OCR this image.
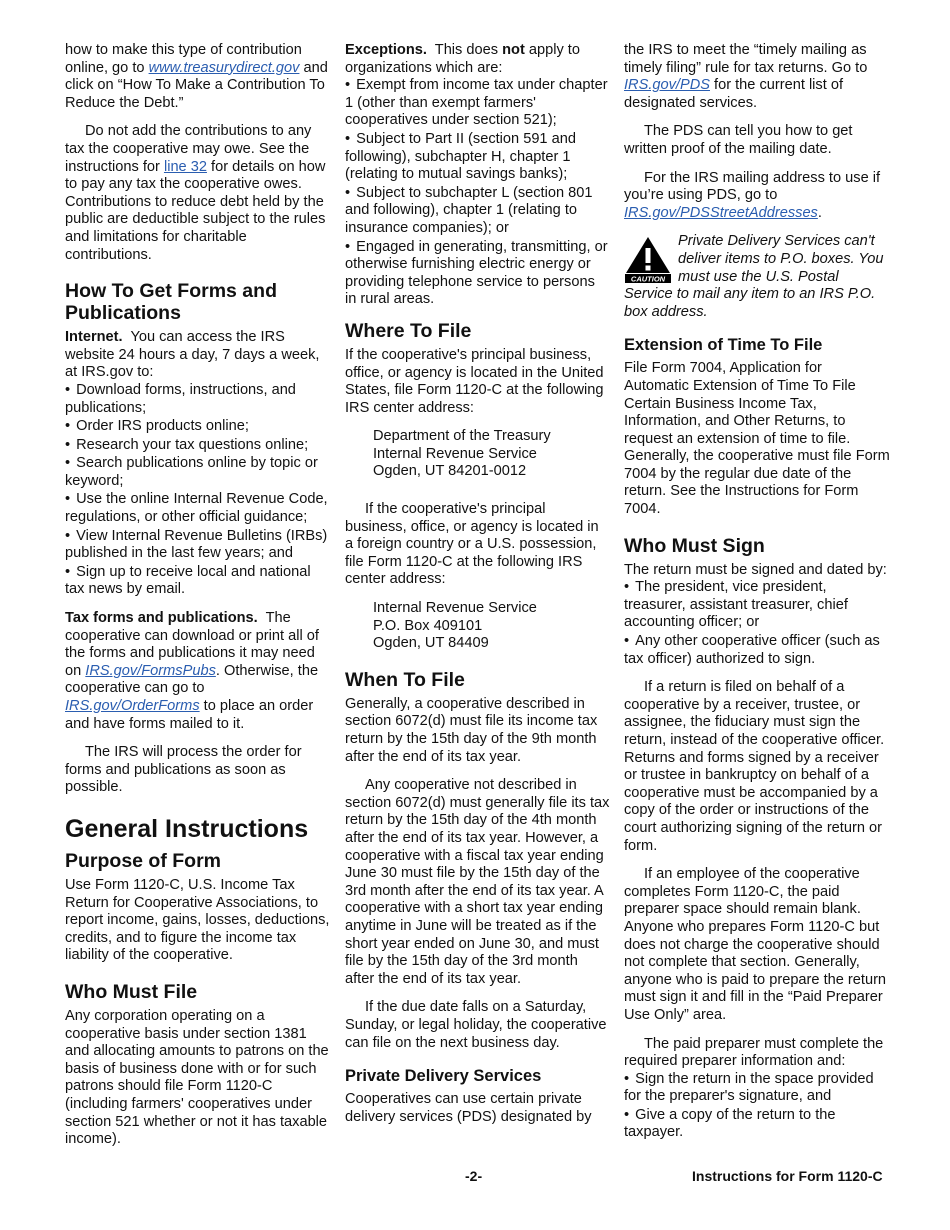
how to make this type of contribution online, go to www.treasurydirect.gov and click on “How To Make a Contribution To Reduce the Debt.”

Do not add the contributions to any tax the cooperative may owe. See the instructions for line 32 for details on how to pay any tax the cooperative owes. Contributions to reduce debt held by the public are deductible subject to the rules and limitations for charitable contributions.

How To Get Forms and Publications

Internet. You can access the IRS website 24 hours a day, 7 days a week, at IRS.gov to:

• Download forms, instructions, and publications;
• Order IRS products online;
• Research your tax questions online;
• Search publications online by topic or keyword;
• Use the online Internal Revenue Code, regulations, or other official guidance;
• View Internal Revenue Bulletins (IRBs) published in the last few years; and
• Sign up to receive local and national tax news by email.

Tax forms and publications. The cooperative can download or print all of the forms and publications it may need on IRS.gov/FormsPubs. Otherwise, the cooperative can go to IRS.gov/OrderForms to place an order and have forms mailed to it.

The IRS will process the order for forms and publications as soon as possible.

General Instructions
Purpose of Form

Use Form 1120-C, U.S. Income Tax Return for Cooperative Associations, to report income, gains, losses, deductions, credits, and to figure the income tax liability of the cooperative.

Who Must File

Any corporation operating on a cooperative basis under section 1381 and allocating amounts to patrons on the basis of business done with or for such patrons should file Form 1120-C (including farmers' cooperatives under section 521 whether or not it has taxable income).

Exceptions. This does not apply to organizations which are:

• Exempt from income tax under chapter 1 (other than exempt farmers' cooperatives under section 521);
• Subject to Part II (section 591 and following), subchapter H, chapter 1 (relating to mutual savings banks);
• Subject to subchapter L (section 801 and following), chapter 1 (relating to insurance companies); or
• Engaged in generating, transmitting, or otherwise furnishing electric energy or providing telephone service to persons in rural areas.
Where To File

If the cooperative's principal business, office, or agency is located in the United States, file Form 1120-C at the following IRS center address:

Department of the Treasury
Internal Revenue Service
Ogden, UT 84201-0012

If the cooperative's principal business, office, or agency is located in a foreign country or a U.S. possession, file Form 1120-C at the following IRS center address:

Internal Revenue Service
P.O. Box 409101
Ogden, UT 84409
When To File

Generally, a cooperative described in section 6072(d) must file its income tax return by the 15th day of the 9th month after the end of its tax year.

Any cooperative not described in section 6072(d) must generally file its tax return by the 15th day of the 4th month after the end of its tax year. However, a cooperative with a fiscal tax year ending June 30 must file by the 15th day of the 3rd month after the end of its tax year. A cooperative with a short tax year ending anytime in June will be treated as if the short year ended on June 30, and must file by the 15th day of the 3rd month after the end of its tax year.

If the due date falls on a Saturday, Sunday, or legal holiday, the cooperative can file on the next business day.

Private Delivery Services

Cooperatives can use certain private delivery services (PDS) designated by

the IRS to meet the “timely mailing as timely filing” rule for tax returns. Go to IRS.gov/PDS for the current list of designated services.

The PDS can tell you how to get written proof of the mailing date.

For the IRS mailing address to use if you’re using PDS, go to IRS.gov/PDSStreetAddresses.

CAUTION
Private Delivery Services can't deliver items to P.O. boxes. You must use the U.S. Postal Service to mail any item to an IRS P.O. box address.
Extension of Time To File

File Form 7004, Application for Automatic Extension of Time To File Certain Business Income Tax, Information, and Other Returns, to request an extension of time to file. Generally, the cooperative must file Form 7004 by the regular due date of the return. See the Instructions for Form 7004.

Who Must Sign

The return must be signed and dated by:

• The president, vice president, treasurer, assistant treasurer, chief accounting officer; or
• Any other cooperative officer (such as tax officer) authorized to sign.

If a return is filed on behalf of a cooperative by a receiver, trustee, or assignee, the fiduciary must sign the return, instead of the cooperative officer. Returns and forms signed by a receiver or trustee in bankruptcy on behalf of a cooperative must be accompanied by a copy of the order or instructions of the court authorizing signing of the return or form.

If an employee of the cooperative completes Form 1120-C, the paid preparer space should remain blank. Anyone who prepares Form 1120-C but does not charge the cooperative should not complete that section. Generally, anyone who is paid to prepare the return must sign it and fill in the “Paid Preparer Use Only” area.

The paid preparer must complete the required preparer information and:

• Sign the return in the space provided for the preparer's signature, and
• Give a copy of the return to the taxpayer.
-2-	Instructions for Form 1120-C
